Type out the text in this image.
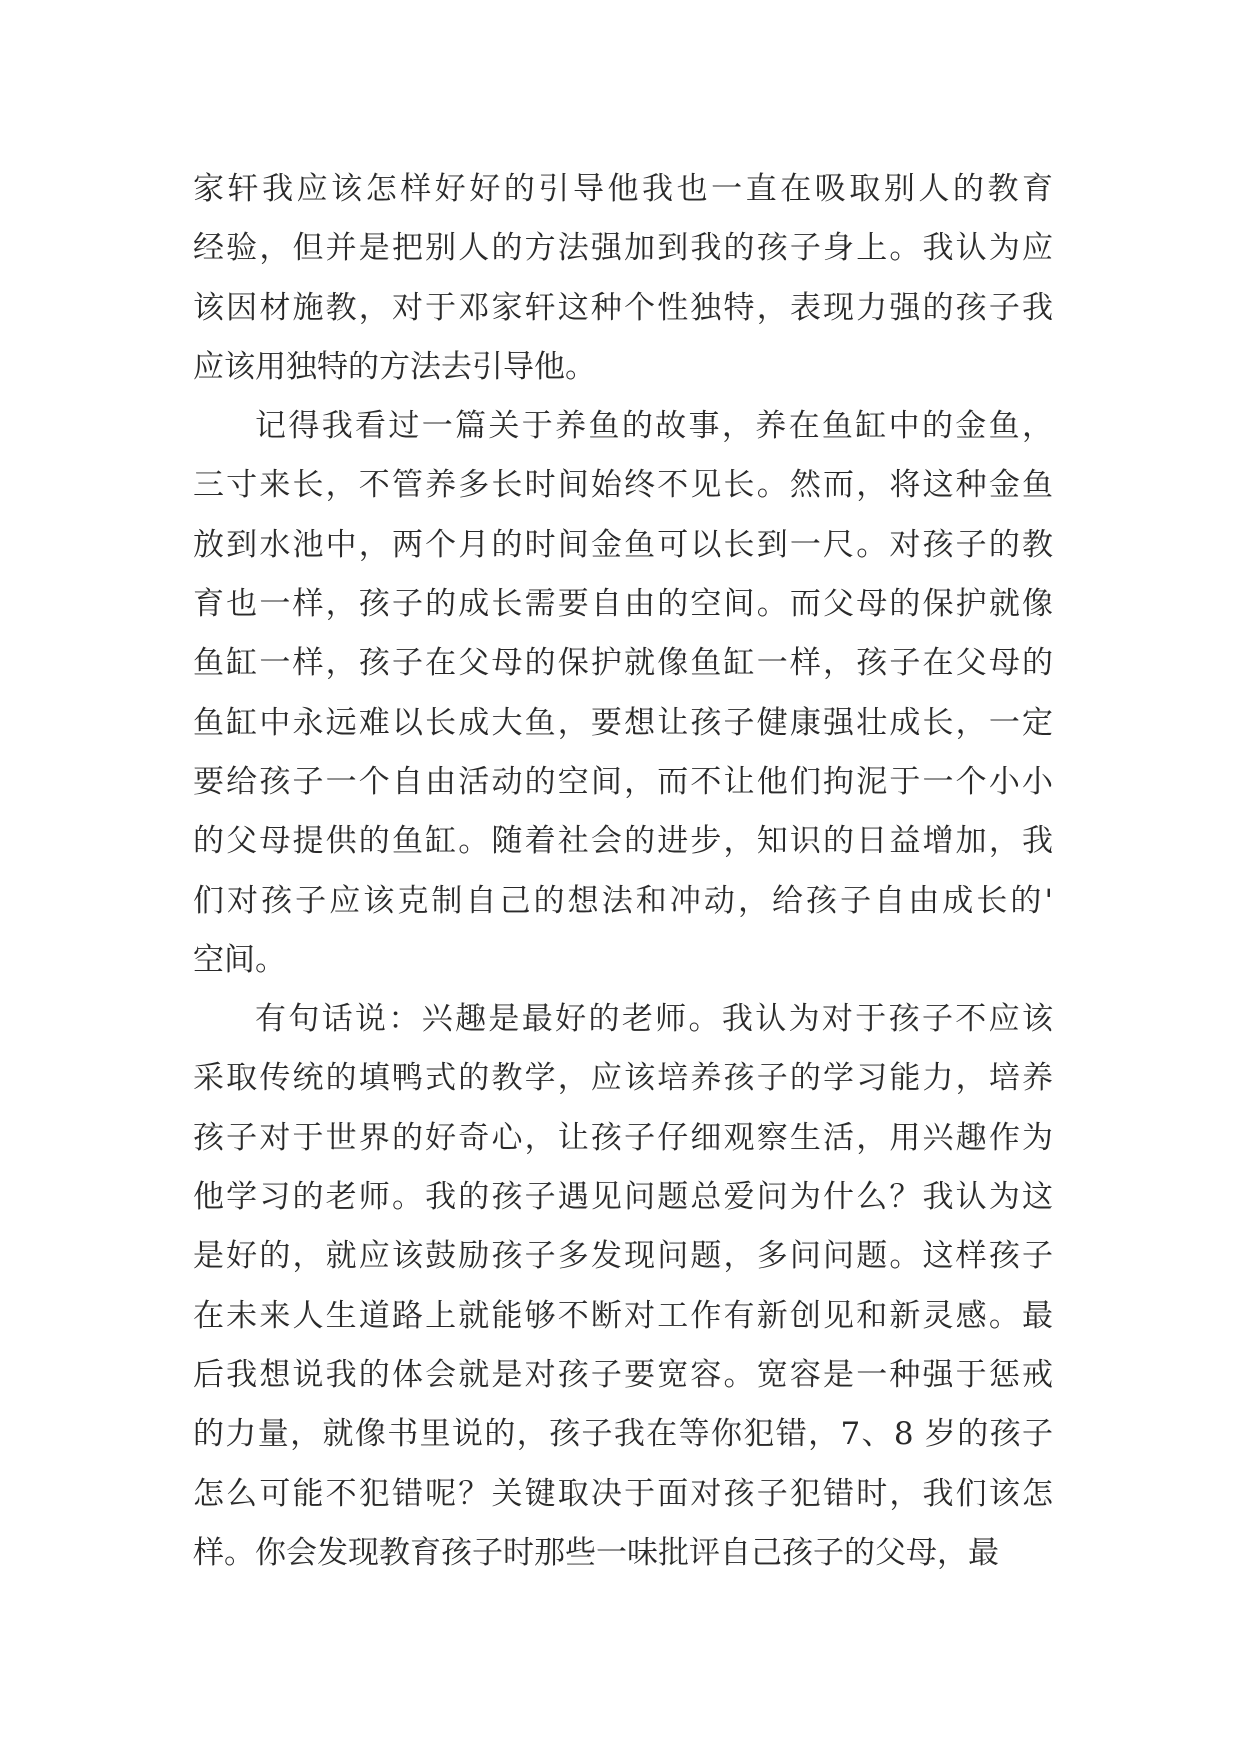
家轩我应该怎样好好的引导他我也一直在吸取别人的教育
经验，但并是把别人的方法强加到我的孩子身上。我认为应
该因材施教，对于邓家轩这种个性独特，表现力强的孩子我
应该用独特的方法去引导他。
记得我看过一篇关于养鱼的故事，养在鱼缸中的金鱼，
三寸来长，不管养多长时间始终不见长。然而，将这种金鱼
放到水池中，两个月的时间金鱼可以长到一尺。对孩子的教
育也一样，孩子的成长需要自由的空间。而父母的保护就像
鱼缸一样，孩子在父母的保护就像鱼缸一样，孩子在父母的
鱼缸中永远难以长成大鱼，要想让孩子健康强壮成长，一定
要给孩子一个自由活动的空间，而不让他们拘泥于一个小小
的父母提供的鱼缸。随着社会的进步，知识的日益增加，我
们对孩子应该克制自己的想法和冲动，给孩子自由成长的'
空间。
有句话说：兴趣是最好的老师。我认为对于孩子不应该
采取传统的填鸭式的教学，应该培养孩子的学习能力，培养
孩子对于世界的好奇心，让孩子仔细观察生活，用兴趣作为
他学习的老师。我的孩子遇见问题总爱问为什么？我认为这
是好的，就应该鼓励孩子多发现问题，多问问题。这样孩子
在未来人生道路上就能够不断对工作有新创见和新灵感。最
后我想说我的体会就是对孩子要宽容。宽容是一种强于惩戒
的力量，就像书里说的，孩子我在等你犯错，7、8 岁的孩子
怎么可能不犯错呢？关键取决于面对孩子犯错时，我们该怎
样。你会发现教育孩子时那些一味批评自己孩子的父母，最
